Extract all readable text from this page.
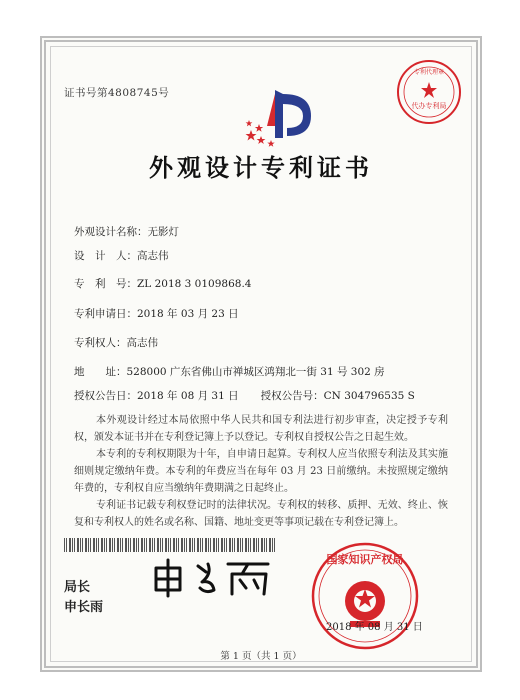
证书号第4808745号
代办专利局
专利代理章
外观设计专利证书
外观设计名称：无影灯
设　计　人：高志伟
专　利　号：ZL 2018 3 0109868.4
专利申请日：2018 年 03 月 23 日
专利权人：高志伟
地　　址：528000 广东省佛山市禅城区鸿翔北一街 31 号 302 房
授权公告日：2018 年 08 月 31 日 授权公告号：CN 304796535 S
本外观设计经过本局依照中华人民共和国专利法进行初步审查，决定授予专利权，颁发本证书并在专利登记簿上予以登记。专利权自授权公告之日起生效。
本专利的专利权期限为十年，自申请日起算。专利权人应当依照专利法及其实施细则规定缴纳年费。本专利的年费应当在每年 03 月 23 日前缴纳。未按照规定缴纳年费的，专利权自应当缴纳年费期满之日起终止。
专利证书记载专利权登记时的法律状况。专利权的转移、质押、无效、终止、恢复和专利权人的姓名或名称、国籍、地址变更等事项记载在专利登记簿上。
局长
申长雨
国家知识产权局
2018 年 08 月 31 日
第 1 页（共 1 页）
